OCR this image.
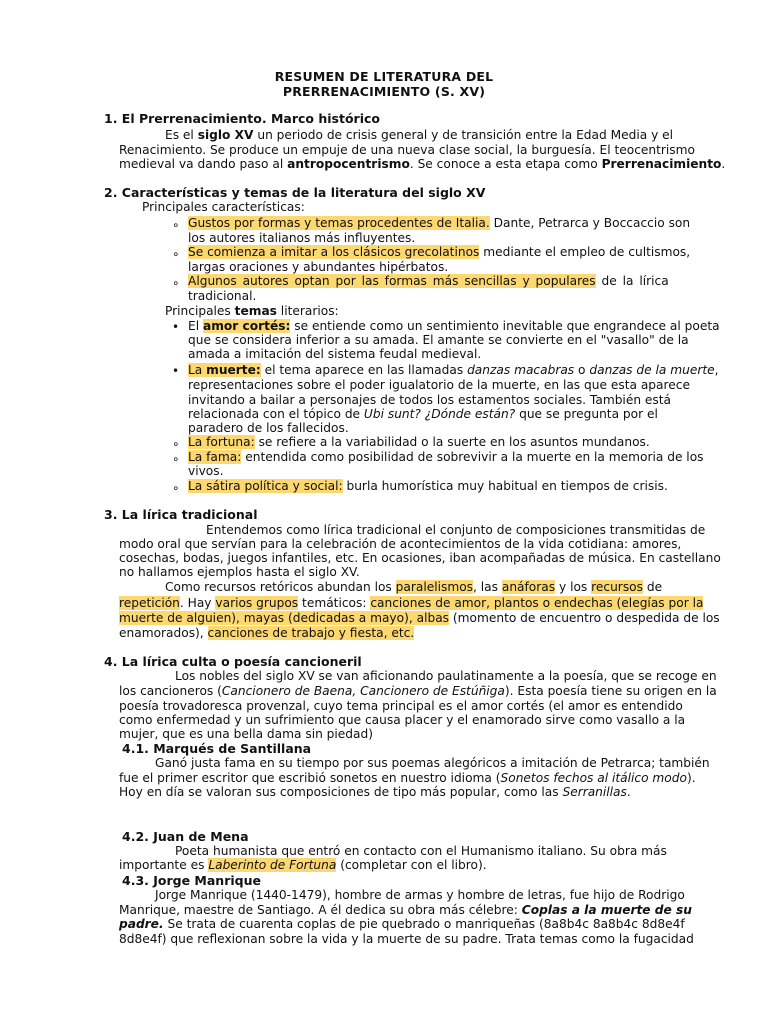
RESUMEN DE LITERATURA DEL
PRERRENACIMIENTO (S. XV)
1. El Prerrenacimiento. Marco histórico
Es el siglo XV un periodo de crisis general y de transición entre la Edad Media y el
Renacimiento. Se produce un empuje de una nueva clase social, la burguesía. El teocentrismo
medieval va dando paso al antropocentrismo. Se conoce a esta etapa como Prerrenacimiento.
2. Características y temas de la literatura del siglo XV
Principales características:
∘ Gustos por formas y temas procedentes de Italia. Dante, Petrarca y Boccaccio son
los autores italianos más influyentes.
∘ Se comienza a imitar a los clásicos grecolatinos mediante el empleo de cultismos,
largas oraciones y abundantes hipérbatos.
∘ Algunos autores optan por las formas más sencillas y populares de la lírica
tradicional.
Principales temas literarios:
• El amor cortés: se entiende como un sentimiento inevitable que engrandece al poeta
que se considera inferior a su amada. El amante se convierte en el "vasallo" de la
amada a imitación del sistema feudal medieval.
• La muerte: el tema aparece en las llamadas danzas macabras o danzas de la muerte,
representaciones sobre el poder igualatorio de la muerte, en las que esta aparece
invitando a bailar a personajes de todos los estamentos sociales. También está
relacionada con el tópico de Ubi sunt? ¿Dónde están? que se pregunta por el
paradero de los fallecidos.
∘ La fortuna: se refiere a la variabilidad o la suerte en los asuntos mundanos.
∘ La fama: entendida como posibilidad de sobrevivir a la muerte en la memoria de los
vivos.
∘ La sátira política y social: burla humorística muy habitual en tiempos de crisis.
3. La lírica tradicional
Entendemos como lírica tradicional el conjunto de composiciones transmitidas de
modo oral que servían para la celebración de acontecimientos de la vida cotidiana: amores,
cosechas, bodas, juegos infantiles, etc. En ocasiones, iban acompañadas de música. En castellano
no hallamos ejemplos hasta el siglo XV.
Como recursos retóricos abundan los paralelismos, las anáforas y los recursos de
repetición. Hay varios grupos temáticos: canciones de amor, plantos o endechas (elegías por la
muerte de alguien), mayas (dedicadas a mayo), albas (momento de encuentro o despedida de los
enamorados), canciones de trabajo y fiesta, etc.
4. La lírica culta o poesía cancioneril
Los nobles del siglo XV se van aficionando paulatinamente a la poesía, que se recoge en
los cancioneros (Cancionero de Baena, Cancionero de Estúñiga). Esta poesía tiene su origen en la
poesía trovadoresca provenzal, cuyo tema principal es el amor cortés (el amor es entendido
como enfermedad y un sufrimiento que causa placer y el enamorado sirve como vasallo a la
mujer, que es una bella dama sin piedad)
4.1. Marqués de Santillana
Ganó justa fama en su tiempo por sus poemas alegóricos a imitación de Petrarca; también
fue el primer escritor que escribió sonetos en nuestro idioma (Sonetos fechos al itálico modo).
Hoy en día se valoran sus composiciones de tipo más popular, como las Serranillas.
4.2. Juan de Mena
Poeta humanista que entró en contacto con el Humanismo italiano. Su obra más
importante es Laberinto de Fortuna (completar con el libro).
4.3. Jorge Manrique
Jorge Manrique (1440-1479), hombre de armas y hombre de letras, fue hijo de Rodrigo
Manrique, maestre de Santiago. A él dedica su obra más célebre: Coplas a la muerte de su
padre. Se trata de cuarenta coplas de pie quebrado o manriqueñas (8a8b4c 8a8b4c 8d8e4f
8d8e4f) que reflexionan sobre la vida y la muerte de su padre. Trata temas como la fugacidad
